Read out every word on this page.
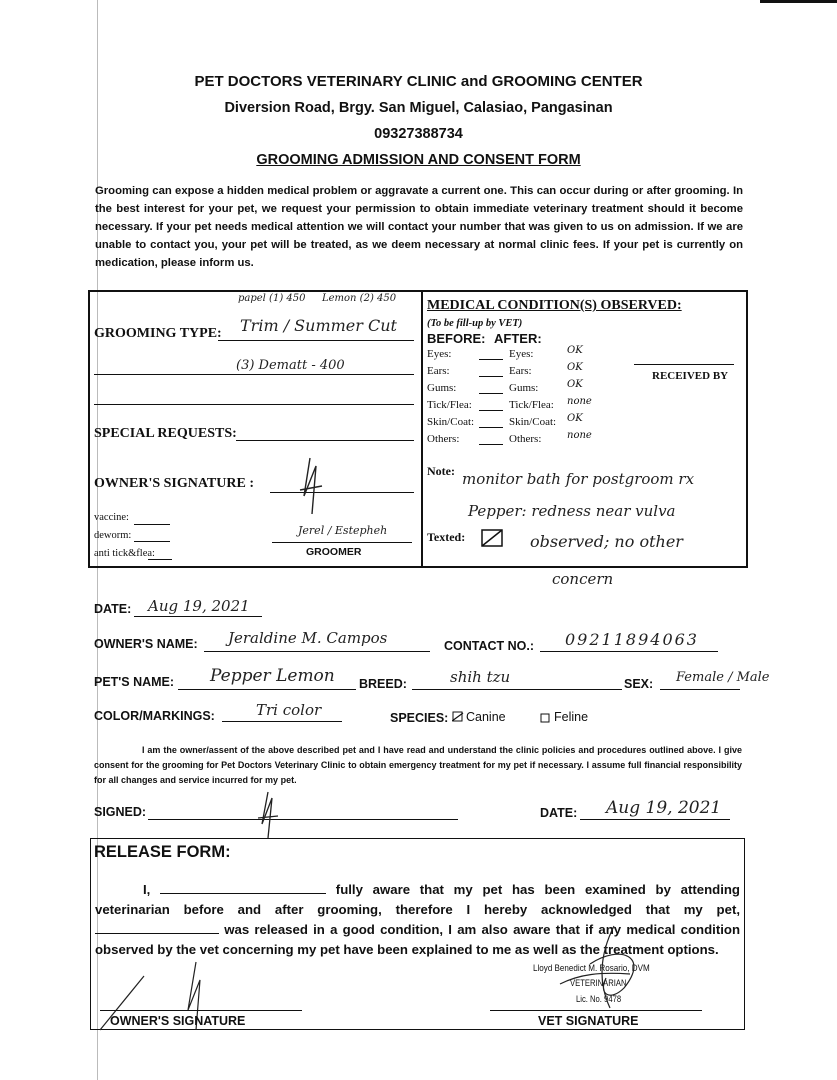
PET DOCTORS VETERINARY CLINIC and GROOMING CENTER
Diversion Road, Brgy. San Miguel, Calasiao, Pangasinan
09327388734
GROOMING ADMISSION AND CONSENT FORM
Grooming can expose a hidden medical problem or aggravate a current one. This can occur during or after grooming. In the best interest for your pet, we request your permission to obtain immediate veterinary treatment should it become necessary. If your pet needs medical attention we will contact your number that was given to us on admission. If we are unable to contact you, your pet will be treated, as we deem necessary at normal clinic fees. If your pet is currently on medication, please inform us.
GROOMING TYPE: Trim / Summer Cut
papel (1) 450 Lemon (2) 450
(3) Dematt - 400
SPECIAL REQUESTS:
OWNER'S SIGNATURE :
vaccine:
deworm:
anti tick&flea:
Jerel / Estepheh
GROOMER
MEDICAL CONDITION(S) OBSERVED:
(To be fill-up by VET)
BEFORE: AFTER:
Eyes:	Eyes:	OK
Ears:	Ears:	OK
Gums:	Gums:	OK
Tick/Flea:	Tick/Flea: none
Skin/Coat:	Skin/Coat: OK
Others:	Others:	none
RECEIVED BY
Note: monitor bath for postgroom rx
Pepper: redness near vulva
observed; no other
concern
Texted:
DATE: Aug 19, 2021
OWNER'S NAME: Jeraldine M. Campos	CONTACT NO.: 09211894063
PET'S NAME: Pepper Lemon BREED:	shih tzu	SEX: Female / Male
COLOR/MARKINGS:	Tri color	SPECIES: Canine	Feline
I am the owner/assent of the above described pet and I have read and understand the clinic policies and procedures outlined above. I give consent for the grooming for Pet Doctors Veterinary Clinic to obtain emergency treatment for my pet if necessary. I assume full financial responsibility for all changes and service incurred for my pet.
SIGNED:	DATE: Aug 19, 2021
RELEASE FORM:
I,	fully aware that my pet has been examined by attending veterinarian before and after grooming, therefore I hereby acknowledged that my pet,  was released in a good condition, I am also aware that if any medical condition observed by the vet concerning my pet have been explained to me as well as the treatment options.
Lloyd Benedict M. Rosario, DVM
VETERINARIAN
Lic. No. 9478
OWNER'S SIGNATURE	VET SIGNATURE
